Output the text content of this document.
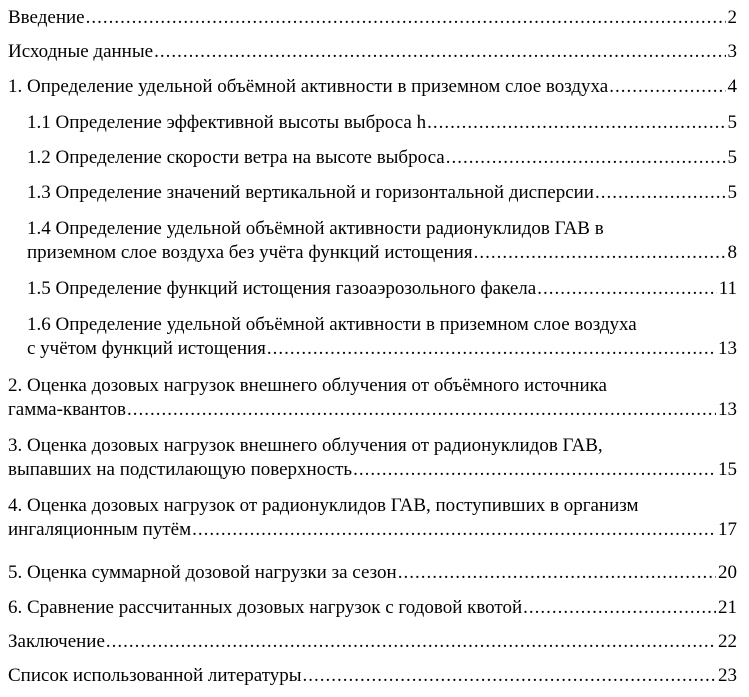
Введение .....	2
Исходные данные .....	3
1. Определение удельной объёмной активности в приземном слое воздуха .....	4
1.1 Определение эффективной высоты выброса h .....	5
1.2 Определение скорости ветра на высоте выброса .....	5
1.3 Определение значений вертикальной и горизонтальной дисперсии .....	5
1.4 Определение удельной объёмной активности радионуклидов ГАВ в
приземном слое воздуха без учёта функций истощения .....	8
1.5 Определение функций истощения газоаэрозольного факела .....	11
1.6 Определение удельной объёмной активности в приземном слое воздуха
с учётом функций истощения .....	13
2. Оценка дозовых нагрузок внешнего облучения от объёмного источника
гамма-квантов .....	13
3. Оценка дозовых нагрузок внешнего облучения от радионуклидов ГАВ,
выпавших на подстилающую поверхность .....	15
4. Оценка дозовых нагрузок от радионуклидов ГАВ, поступивших в организм
ингаляционным путём .....	17
5. Оценка суммарной дозовой нагрузки за сезон .....	20
6. Сравнение рассчитанных дозовых нагрузок с годовой квотой .....	21
Заключение .....	22
Список использованной литературы .....	23
